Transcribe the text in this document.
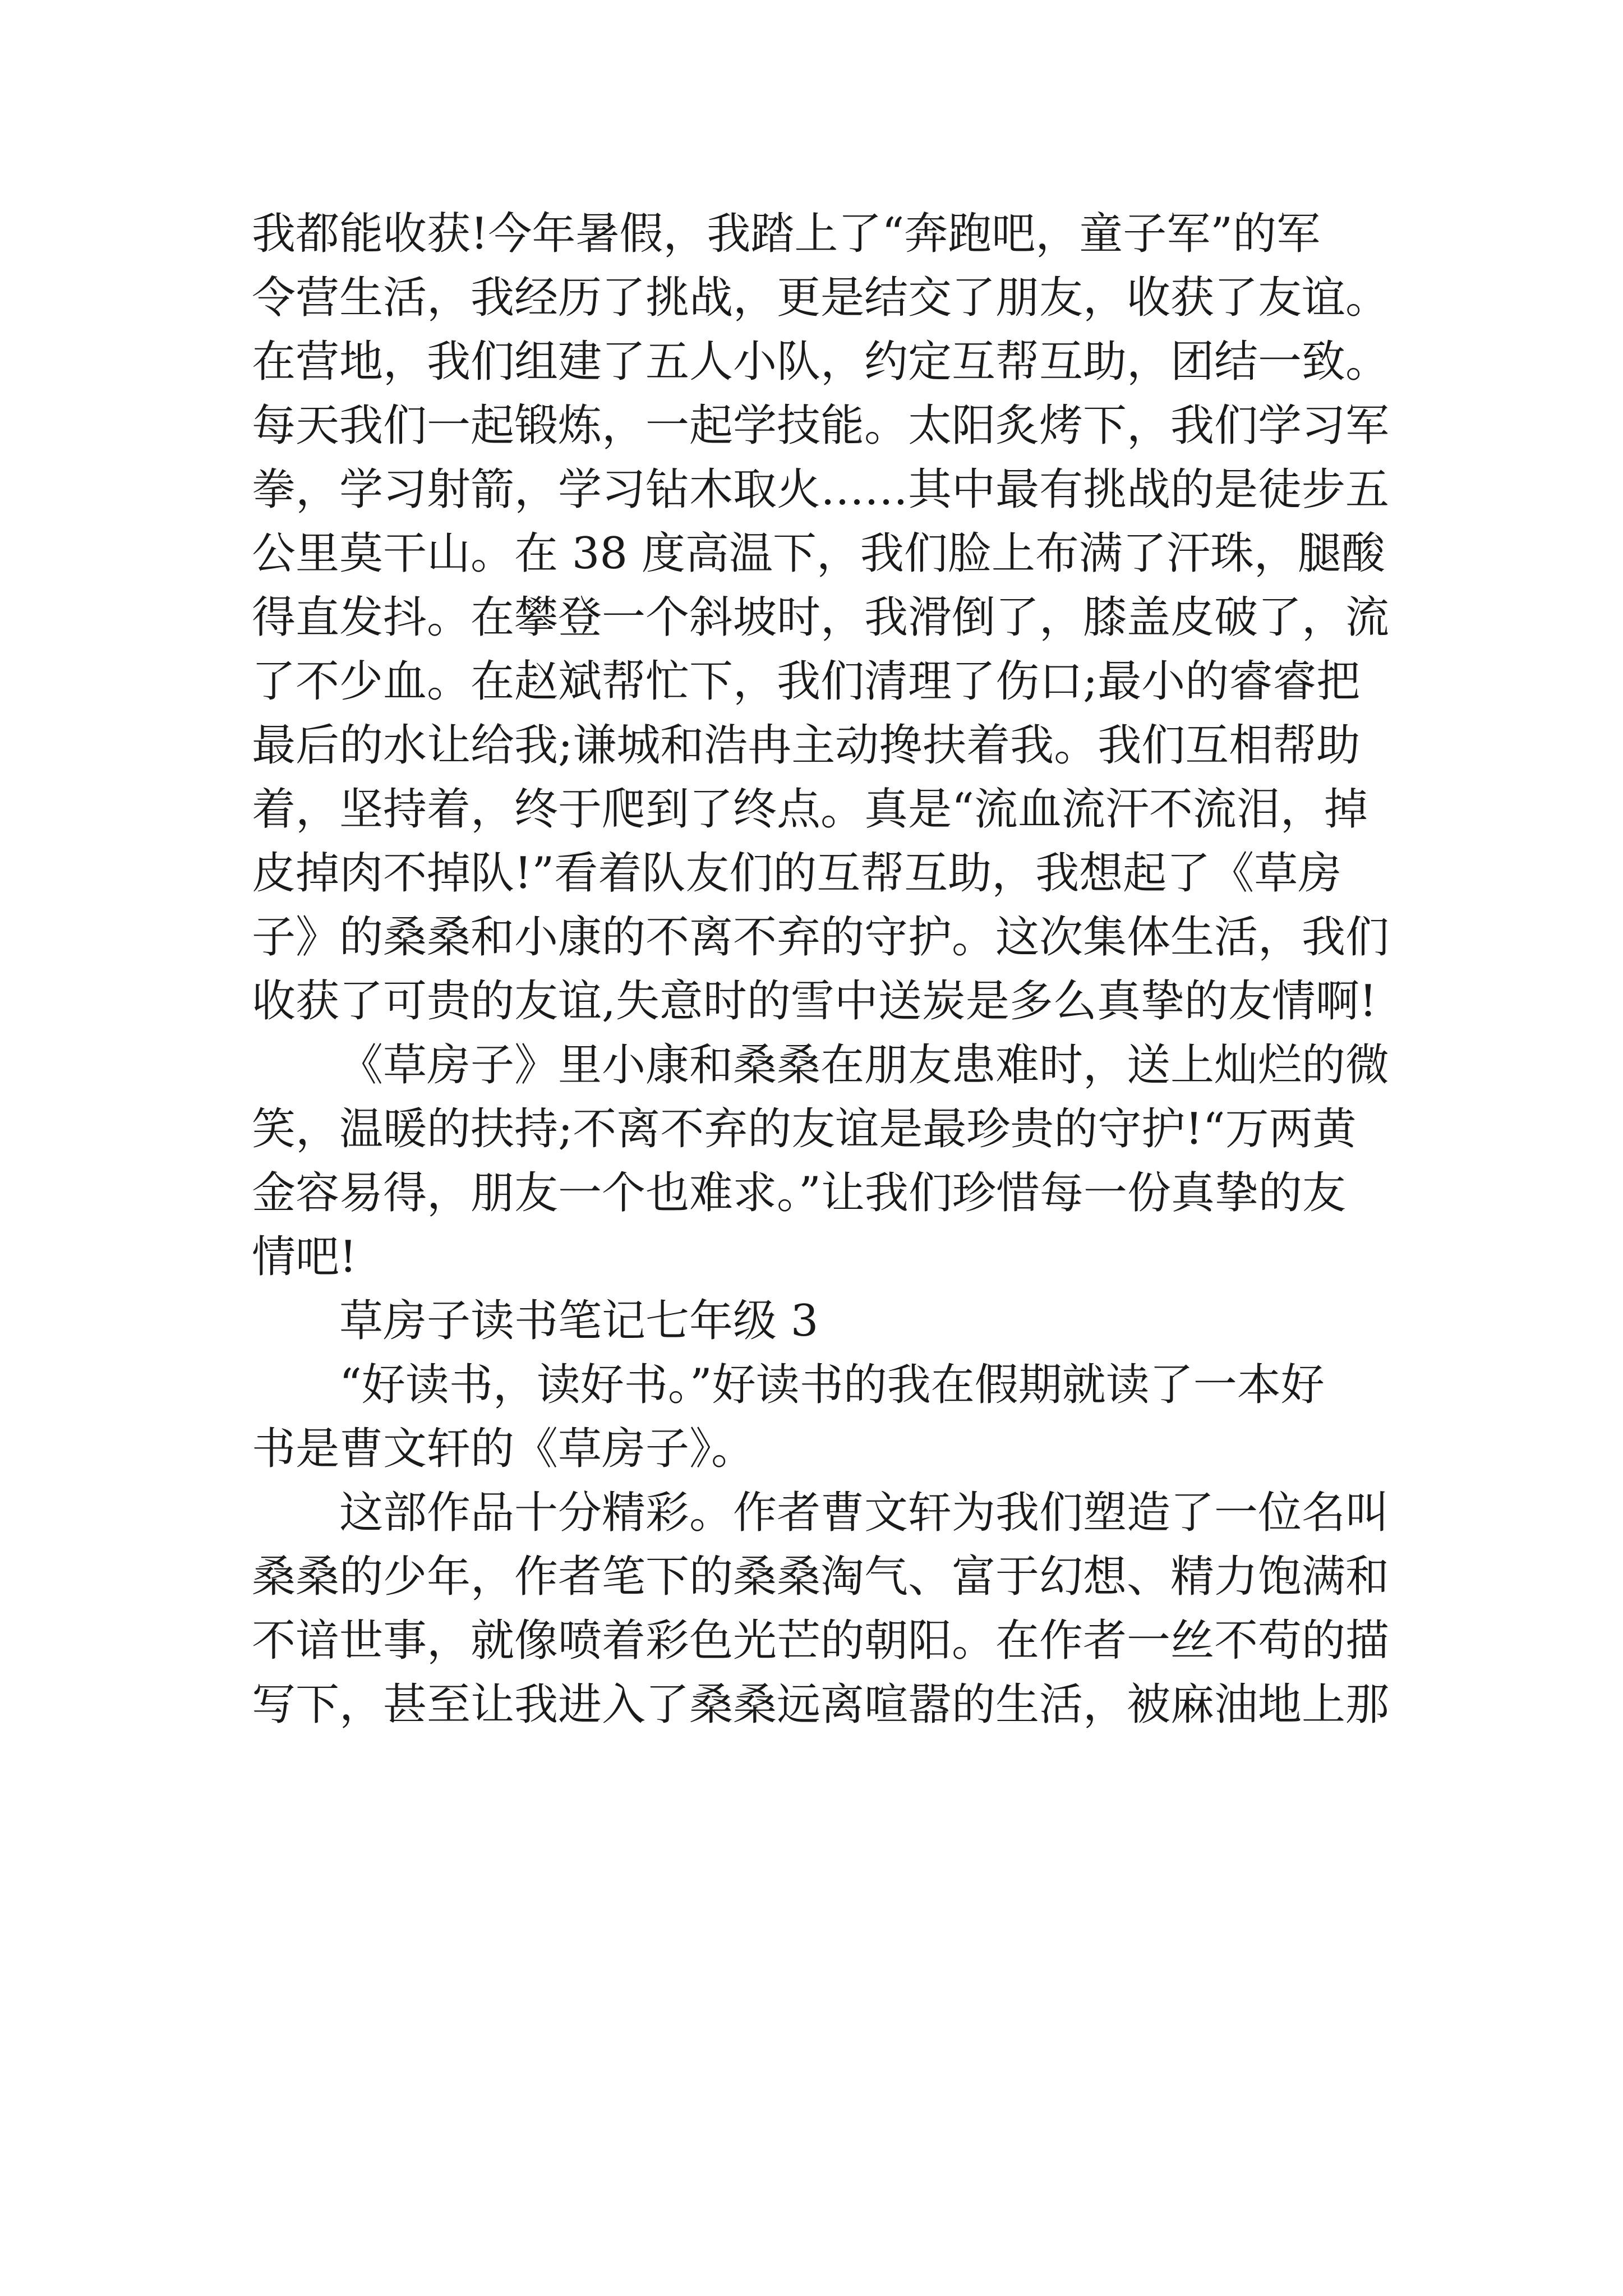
我都能收获!今年暑假，我踏上了“奔跑吧，童子军”的军
令营生活，我经历了挑战，更是结交了朋友，收获了友谊。
在营地，我们组建了五人小队，约定互帮互助，团结一致。
每天我们一起锻炼，一起学技能。太阳炙烤下，我们学习军
拳，学习射箭，学习钻木取火……其中最有挑战的是徒步五
公里莫干山。在 38 度高温下，我们脸上布满了汗珠，腿酸
得直发抖。在攀登一个斜坡时，我滑倒了，膝盖皮破了，流
了不少血。在赵斌帮忙下，我们清理了伤口;最小的睿睿把
最后的水让给我;谦城和浩冉主动搀扶着我。我们互相帮助
着，坚持着，终于爬到了终点。真是“流血流汗不流泪，掉
皮掉肉不掉队!”看着队友们的互帮互助，我想起了《草房
子》的桑桑和小康的不离不弃的守护。这次集体生活，我们
收获了可贵的友谊,失意时的雪中送炭是多么真挚的友情啊!
《草房子》里小康和桑桑在朋友患难时，送上灿烂的微
笑，温暖的扶持;不离不弃的友谊是最珍贵的守护!“万两黄
金容易得，朋友一个也难求。”让我们珍惜每一份真挚的友
情吧!
草房子读书笔记七年级 3
“好读书，读好书。”好读书的我在假期就读了一本好
书是曹文轩的《草房子》。
这部作品十分精彩。作者曹文轩为我们塑造了一位名叫
桑桑的少年，作者笔下的桑桑淘气、富于幻想、精力饱满和
不谙世事，就像喷着彩色光芒的朝阳。在作者一丝不苟的描
写下，甚至让我进入了桑桑远离喧嚣的生活，被麻油地上那
